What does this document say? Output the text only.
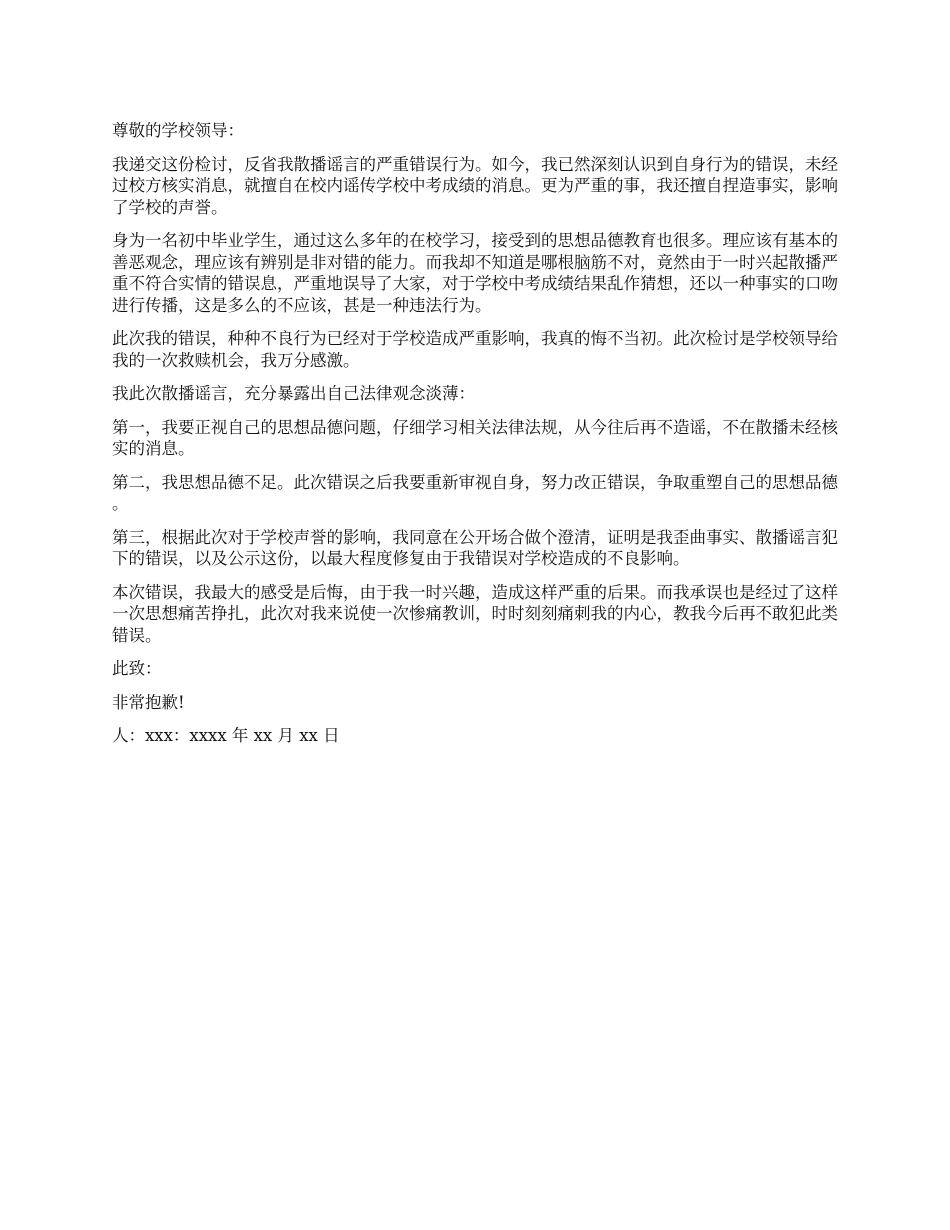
尊敬的学校领导：

我递交这份检讨，反省我散播谣言的严重错误行为。如今，我已然深刻认识到自身行为的错误，未经过校方核实消息，就擅自在校内谣传学校中考成绩的消息。更为严重的事，我还擅自捏造事实，影响了学校的声誉。

身为一名初中毕业学生，通过这么多年的在校学习，接受到的思想品德教育也很多。理应该有基本的善恶观念，理应该有辨别是非对错的能力。而我却不知道是哪根脑筋不对，竟然由于一时兴起散播严重不符合实情的错误息，严重地误导了大家，对于学校中考成绩结果乱作猜想，还以一种事实的口吻进行传播，这是多么的不应该，甚是一种违法行为。

此次我的错误，种种不良行为已经对于学校造成严重影响，我真的悔不当初。此次检讨是学校领导给我的一次救赎机会，我万分感激。

我此次散播谣言，充分暴露出自己法律观念淡薄：

第一，我要正视自己的思想品德问题，仔细学习相关法律法规，从今往后再不造谣，不在散播未经核实的消息。

第二，我思想品德不足。此次错误之后我要重新审视自身，努力改正错误，争取重塑自己的思想品德。

第三，根据此次对于学校声誉的影响，我同意在公开场合做个澄清，证明是我歪曲事实、散播谣言犯下的错误，以及公示这份，以最大程度修复由于我错误对学校造成的不良影响。

本次错误，我最大的感受是后悔，由于我一时兴趣，造成这样严重的后果。而我承误也是经过了这样一次思想痛苦挣扎，此次对我来说使一次惨痛教训，时时刻刻痛刺我的内心，教我今后再不敢犯此类错误。

此致：

非常抱歉!

人：xxx：xxxx 年 xx 月 xx 日
